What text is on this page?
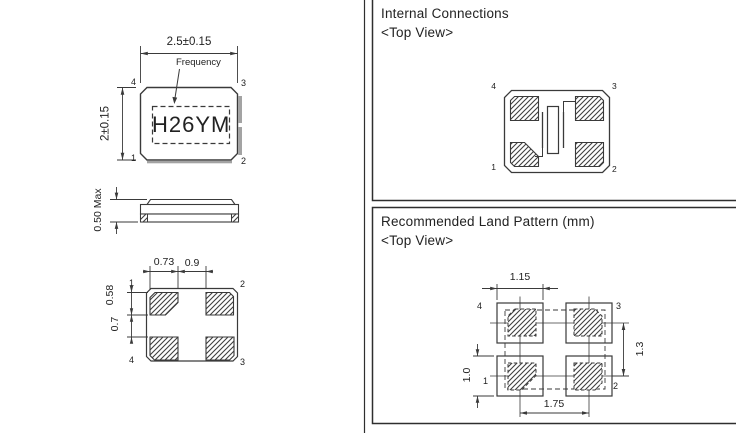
Internal Connections
<Top View>
Recommended Land Pattern (mm)
<Top View>
2.5±0.15
Frequency
H26YM
2±0.15
4	3
1	2
0.50 Max
0.73 0.9
0.58
0.7
1	2
4	3
4	3
1	2
1.15
1.75
1.3
1.0
4	3
1	2
